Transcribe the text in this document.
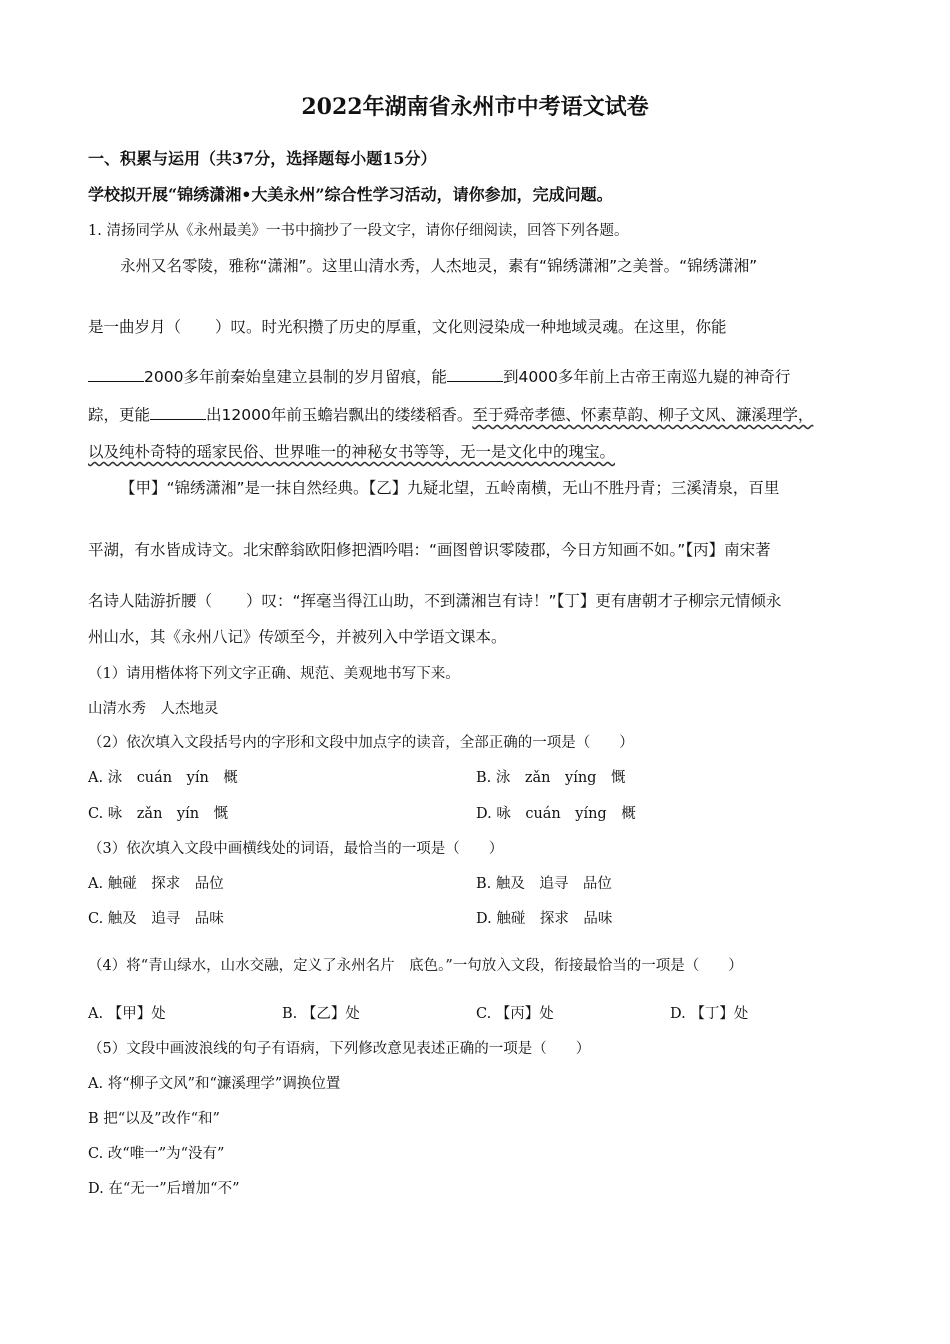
2022年湖南省永州市中考语文试卷
一、积累与运用（共37分，选择题每小题15分）
学校拟开展“锦绣潇湘•大美永州”综合性学习活动，请你参加，完成问题。
1. 清扬同学从《永州最美》一书中摘抄了一段文字，请你仔细阅读，回答下列各题。
永州又名零陵，雅称“潇湘”。这里山清水秀，人杰地灵，素有“锦绣潇湘”之美誉。“锦绣潇湘”
是一曲岁月（ ）叹。时光积攒了历史的厚重，文化则浸染成一种地域灵魂。在这里，你能
2000多年前秦始皇建立县制的岁月留痕，能	到4000多年前上古帝王南巡九嶷的神奇行
踪，更能	出12000年前玉蟾岩飘出的缕缕稻香。至于舜帝孝德、怀素草韵、柳子文风、濂溪理学，
以及纯朴奇特的瑶家民俗、世界唯一的神秘女书等等，无一是文化中的瑰宝。
【甲】“锦绣潇湘”是一抹自然经典。【乙】九疑北望，五岭南横，无山不胜丹青；三溪清泉，百里
平湖，有水皆成诗文。北宋醉翁欧阳修把酒吟唱：“画图曾识零陵郡，今日方知画不如。”【丙】南宋著
名诗人陆游折腰（ ）叹：“挥毫当得江山助，不到潇湘岂有诗！”【丁】更有唐朝才子柳宗元情倾永
州山水，其《永州八记》传颂至今，并被列入中学语文课本。
（1）请用楷体将下列文字正确、规范、美观地书写下来。
山清水秀　人杰地灵
（2）依次填入文段括号内的字形和文段中加点字的读音，全部正确的一项是（　　）
A. 泳　cuán　yín　概	B. 泳　zǎn　yíng　慨
C. 咏　zǎn　yín　慨	D. 咏　cuán　yíng　概
（3）依次填入文段中画横线处的词语，最恰当的一项是（　　）
A. 触碰　探求　品位	B. 触及　追寻　品位
C. 触及　追寻　品味	D. 触碰　探求　品味
（4）将“青山绿水，山水交融，定义了永州名片　底色。”一句放入文段，衔接最恰当的一项是（　　）
A. 【甲】处	B. 【乙】处	C. 【丙】处	D. 【丁】处
（5）文段中画波浪线的句子有语病，下列修改意见表述正确的一项是（　　）
A. 将“柳子文风”和“濂溪理学”调换位置
B 把“以及”改作“和”
C. 改“唯一”为“没有”
D. 在“无一”后增加“不”
